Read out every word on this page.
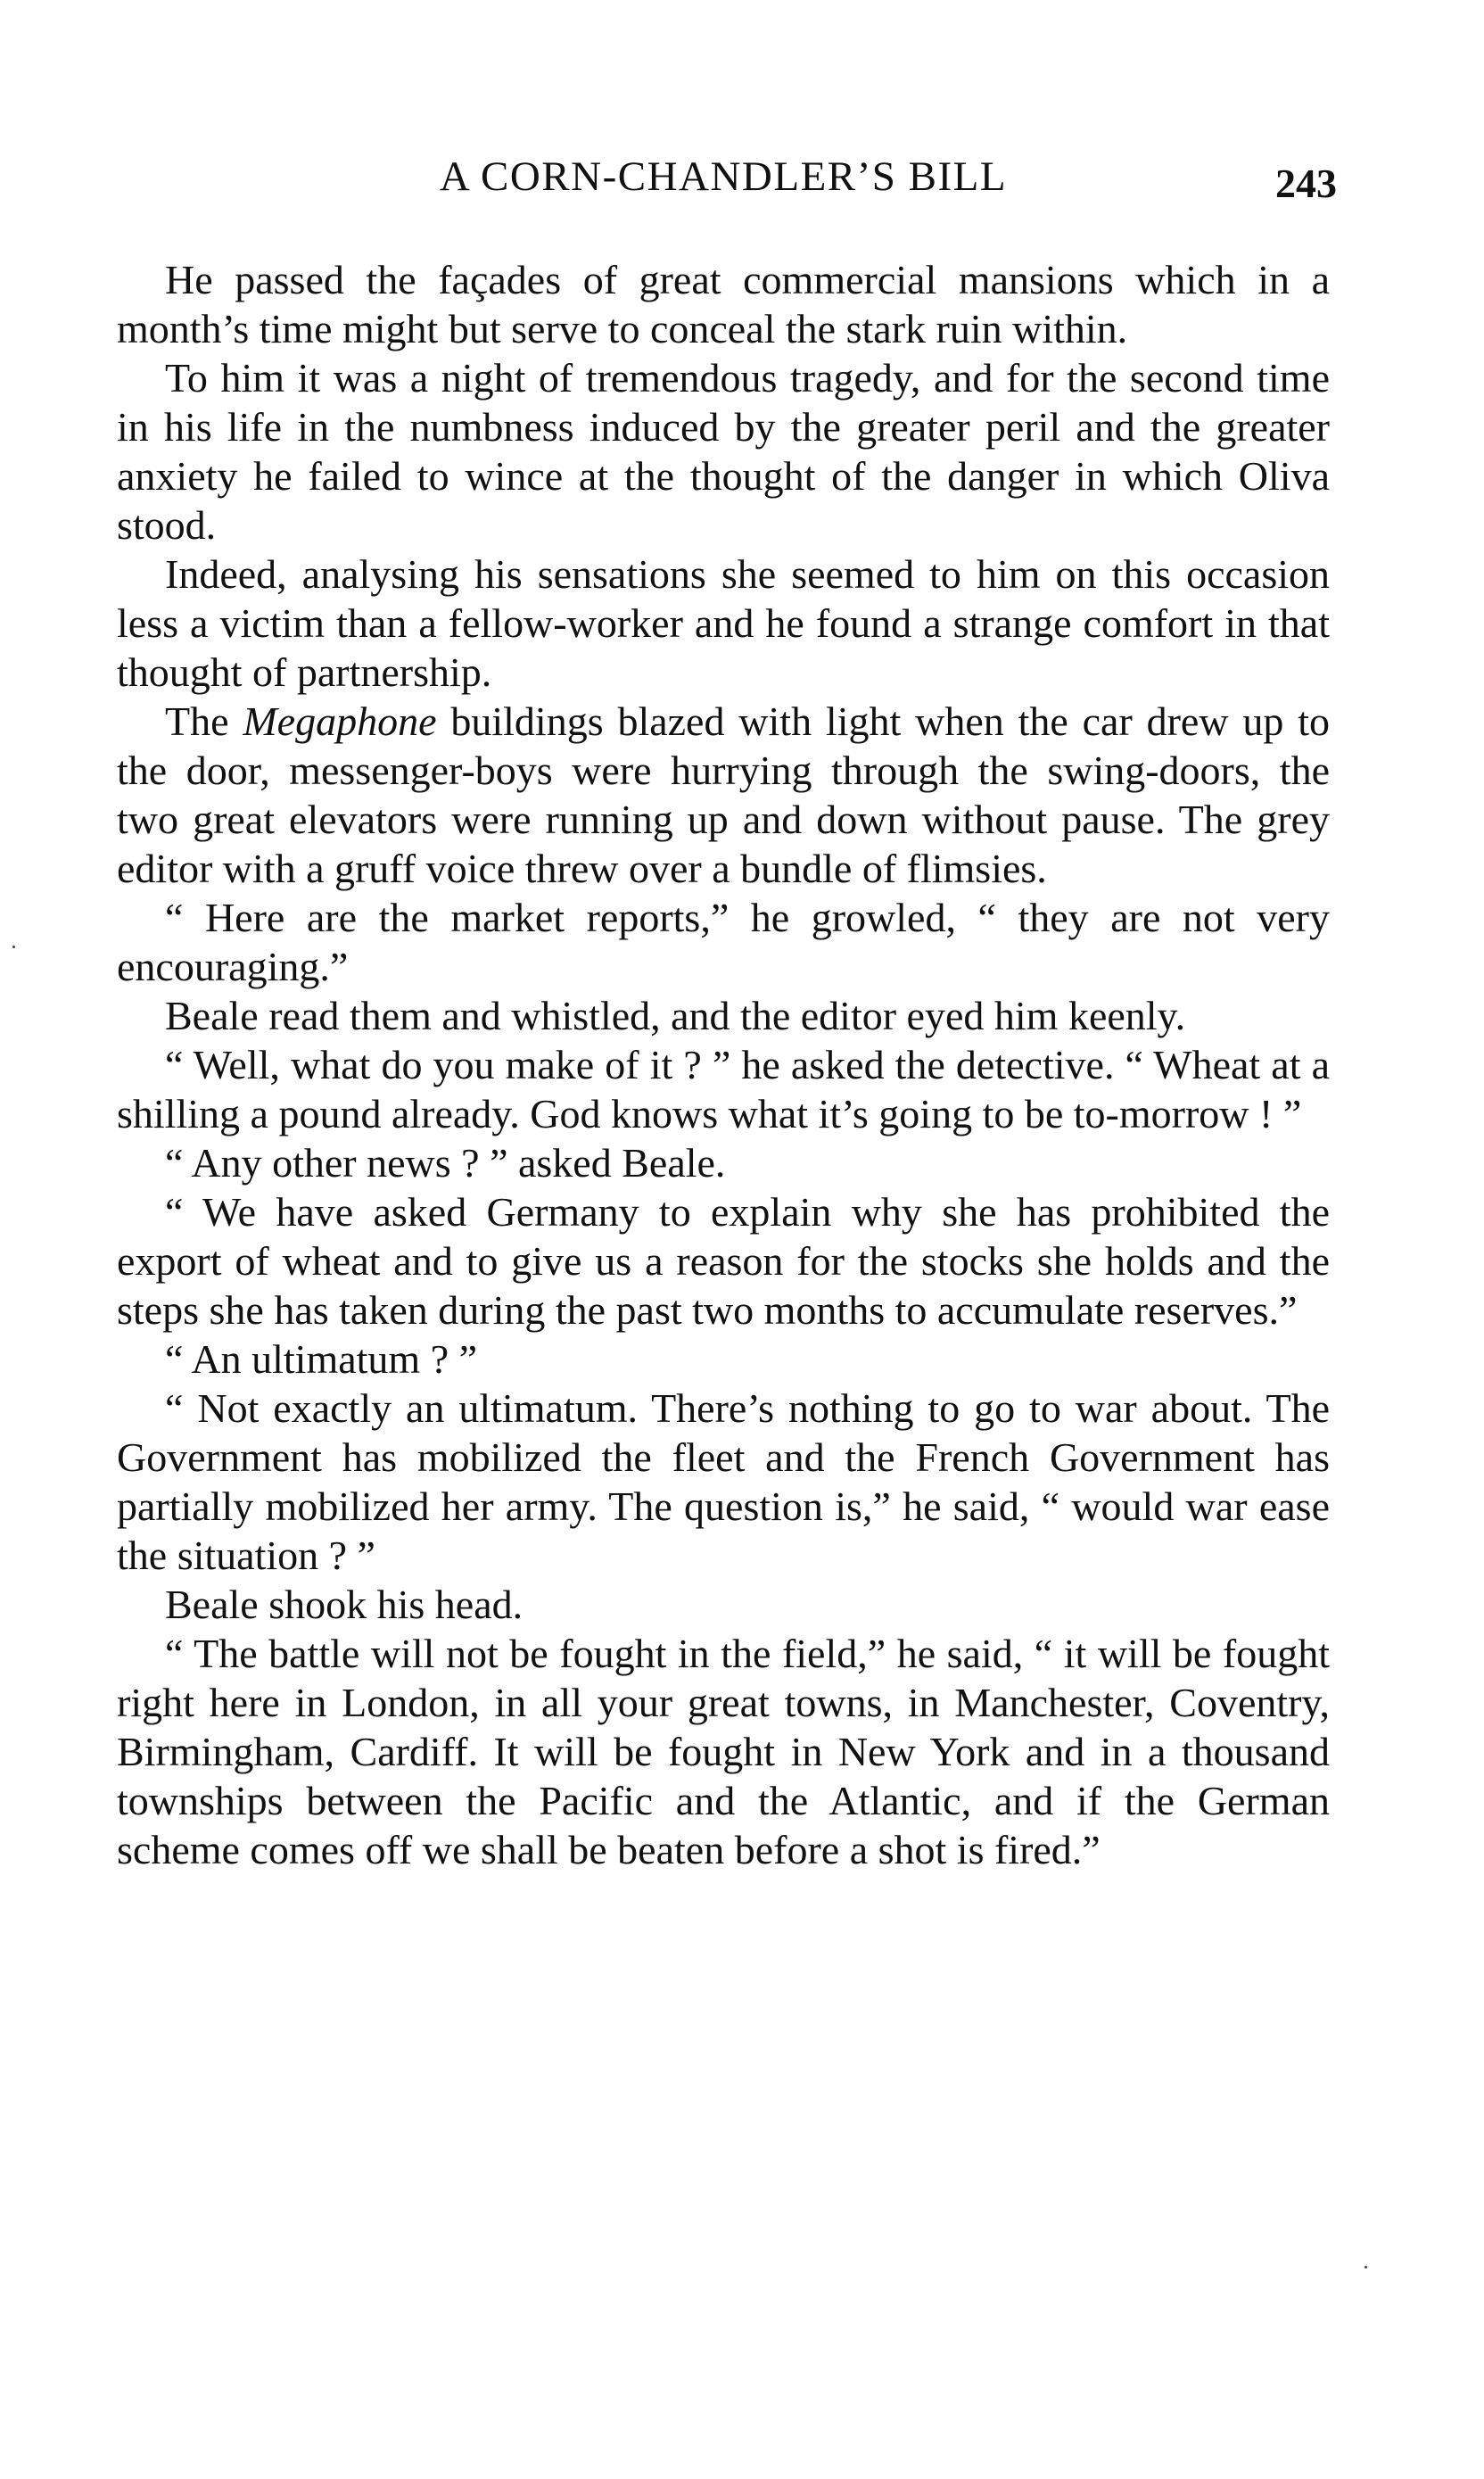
A CORN-CHANDLER’S BILL	243

He passed the façades of great commercial mansions which in a month’s time might but serve to conceal the stark ruin within.

To him it was a night of tremendous tragedy, and for the second time in his life in the numbness induced by the greater peril and the greater anxiety he failed to wince at the thought of the danger in which Oliva stood.

Indeed, analysing his sensations she seemed to him on this occasion less a victim than a fellow-worker and he found a strange comfort in that thought of partnership.

The Megaphone buildings blazed with light when the car drew up to the door, messenger-boys were hurrying through the swing-doors, the two great elevators were running up and down without pause. The grey editor with a gruff voice threw over a bundle of flimsies.

“ Here are the market reports,” he growled, “ they are not very encouraging.”

Beale read them and whistled, and the editor eyed him keenly.

“ Well, what do you make of it ? ” he asked the detective. “ Wheat at a shilling a pound already. God knows what it’s going to be to-morrow ! ”

“ Any other news ? ” asked Beale.

“ We have asked Germany to explain why she has prohibited the export of wheat and to give us a reason for the stocks she holds and the steps she has taken during the past two months to accumulate reserves.”

“ An ultimatum ? ”

“ Not exactly an ultimatum. There’s nothing to go to war about. The Government has mobilized the fleet and the French Government has partially mobilized her army. The question is,” he said, “ would war ease the situation ? ”

Beale shook his head.

“ The battle will not be fought in the field,” he said, “ it will be fought right here in London, in all your great towns, in Manchester, Coventry, Birmingham, Cardiff. It will be fought in New York and in a thousand townships between the Pacific and the Atlantic, and if the German scheme comes off we shall be beaten before a shot is fired.”
